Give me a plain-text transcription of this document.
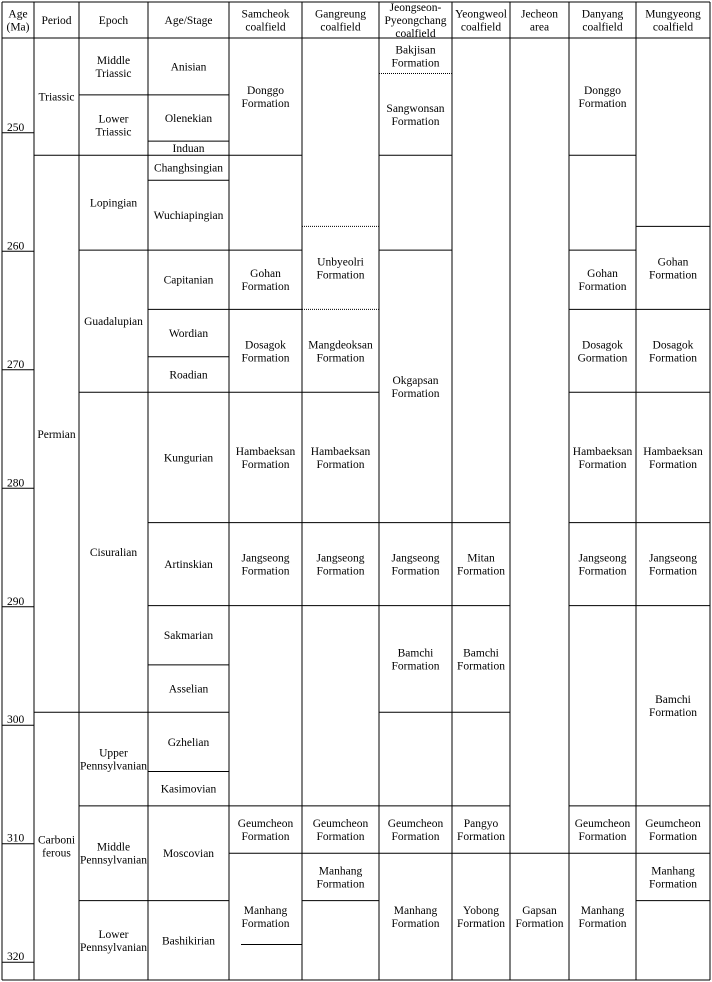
Age (Ma)
Period Epoch	Age/Stage
Samcheok coalfield
Gangreung coalfield
Jeongseon-Pyeongchang coalfield
Yeongweol coalfield
Jecheon area
Danyang coalfield
Mungyeong coalfield
250
260
270
280
290
300
310
320
Triassic
Permian
Carboni ferous
Middle Triassic
Lower Triassic
Lopingian
Guadalupian
Cisuralian
Upper Pennsylvanian
Middle Pennsylvanian
Lower Pennsylvanian
Anisian
Olenekian
Induan
Changhsingian
Wuchiapingian
Capitanian
Wordian
Roadian
Kungurian
Artinskian
Sakmarian
Asselian
Gzhelian
Kasimovian
Moscovian
Bashikirian
Donggo Formation
Gohan Formation
Dosagok Formation
Hambaeksan Formation
Jangseong Formation
Geumcheon Formation
Manhang Formation
Unbyeolri Formation
Mangdeoksan Formation
Hambaeksan Formation
Jangseong Formation
Geumcheon Formation
Manhang Formation
Bakjisan Formation
Sangwonsan Formation
Okgapsan Formation
Jangseong Formation
Bamchi Formation
Geumcheon Formation
Manhang Formation
Mitan Formation
Bamchi Formation
Pangyo Formation
Yobong Formation
Gapsan Formation
Donggo Formation
Gohan Formation
Dosagok Gormation
Hambaeksan Formation
Jangseong Formation
Geumcheon Formation
Manhang Formation
Gohan Formation
Dosagok Formation
Hambaeksan Formation
Jangseong Formation
Bamchi Formation
Geumcheon Formation
Manhang Formation
